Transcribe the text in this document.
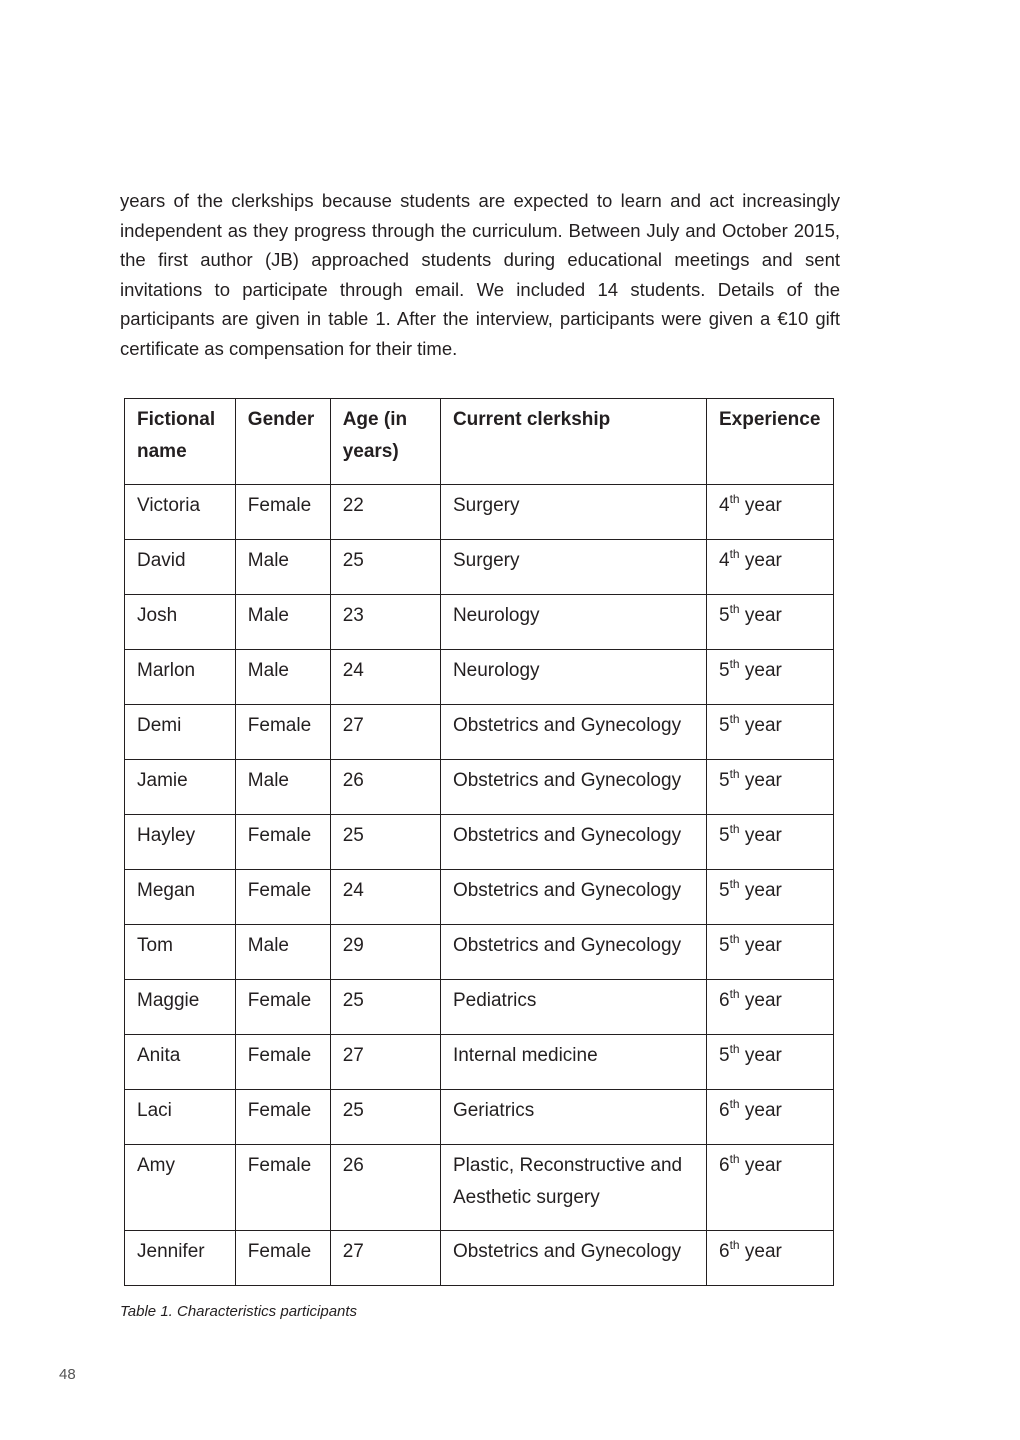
years of the clerkships because students are expected to learn and act increasingly independent as they progress through the curriculum. Between July and October 2015, the first author (JB) approached students during educational meetings and sent invitations to participate through email. We included 14 students. Details of the participants are given in table 1. After the interview, participants were given a €10 gift certificate as compensation for their time.

Fictional name	Gender	Age (in years)	Current clerkship	Experience
Victoria	Female	22	Surgery	4th year
David	Male	25	Surgery	4th year
Josh	Male	23	Neurology	5th year
Marlon	Male	24	Neurology	5th year
Demi	Female	27	Obstetrics and Gynecology	5th year
Jamie	Male	26	Obstetrics and Gynecology	5th year
Hayley	Female	25	Obstetrics and Gynecology	5th year
Megan	Female	24	Obstetrics and Gynecology	5th year
Tom	Male	29	Obstetrics and Gynecology	5th year
Maggie	Female	25	Pediatrics	6th year
Anita	Female	27	Internal medicine	5th year
Laci	Female	25	Geriatrics	6th year
Amy	Female	26	Plastic, Reconstructive and Aesthetic surgery	6th year
Jennifer	Female	27	Obstetrics and Gynecology	6th year
Table 1. Characteristics participants
48
